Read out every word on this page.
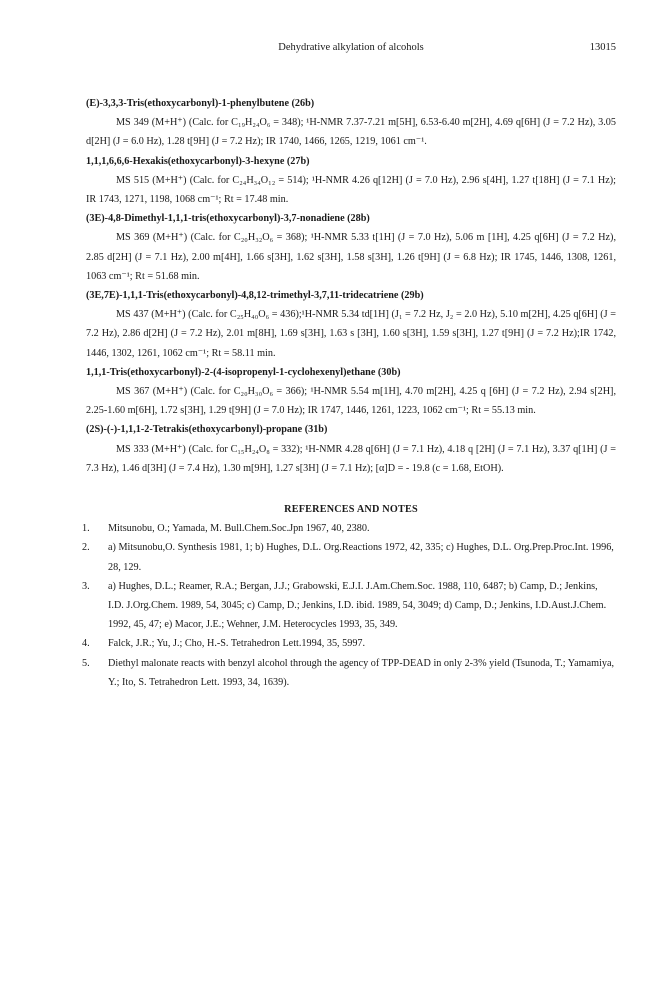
Dehydrative alkylation of alcohols	13015
(E)-3,3,3-Tris(ethoxycarbonyl)-1-phenylbutene (26b)
MS 349 (M+H⁺) (Calc. for C₁₉H₂₄O₆ = 348); ¹H-NMR 7.37-7.21 m[5H], 6.53-6.40 m[2H], 4.69 q[6H] (J = 7.2 Hz), 3.05 d[2H] (J = 6.0 Hz), 1.28 t[9H] (J = 7.2 Hz); IR 1740, 1466, 1265, 1219, 1061 cm⁻¹.
1,1,1,6,6,6-Hexakis(ethoxycarbonyl)-3-hexyne (27b)
MS 515 (M+H⁺) (Calc. for C₂₄H₃₄O₁₂ = 514); ¹H-NMR 4.26 q[12H] (J = 7.0 Hz), 2.96 s[4H], 1.27 t[18H] (J = 7.1 Hz); IR 1743, 1271, 1198, 1068 cm⁻¹; Rt = 17.48 min.
(3E)-4,8-Dimethyl-1,1,1-tris(ethoxycarbonyl)-3,7-nonadiene (28b)
MS 369 (M+H⁺) (Calc. for C₂₀H₃₂O₆ = 368); ¹H-NMR 5.33 t[1H] (J = 7.0 Hz), 5.06 m [1H], 4.25 q[6H] (J = 7.2 Hz), 2.85 d[2H] (J = 7.1 Hz), 2.00 m[4H], 1.66 s[3H], 1.62 s[3H], 1.58 s[3H], 1.26 t[9H] (J = 6.8 Hz); IR 1745, 1446, 1308, 1261, 1063 cm⁻¹; Rt = 51.68 min.
(3E,7E)-1,1,1-Tris(ethoxycarbonyl)-4,8,12-trimethyl-3,7,11-tridecatriene (29b)
MS 437 (M+H⁺) (Calc. for C₂₅H₄₀O₆ = 436);¹H-NMR 5.34 td[1H] (J₁ = 7.2 Hz, J₂ = 2.0 Hz), 5.10 m[2H], 4.25 q[6H] (J = 7.2 Hz), 2.86 d[2H] (J = 7.2 Hz), 2.01 m[8H], 1.69 s[3H], 1.63 s [3H], 1.60 s[3H], 1.59 s[3H], 1.27 t[9H] (J = 7.2 Hz);IR 1742, 1446, 1302, 1261, 1062 cm⁻¹; Rt = 58.11 min.
1,1,1-Tris(ethoxycarbonyl)-2-(4-isopropenyl-1-cyclohexenyl)ethane (30b)
MS 367 (M+H⁺) (Calc. for C₂₀H₃₀O₆ = 366); ¹H-NMR 5.54 m[1H], 4.70 m[2H], 4.25 q [6H] (J = 7.2 Hz), 2.94 s[2H], 2.25-1.60 m[6H], 1.72 s[3H], 1.29 t[9H] (J = 7.0 Hz); IR 1747, 1446, 1261, 1223, 1062 cm⁻¹; Rt = 55.13 min.
(2S)-(-)-1,1,1-2-Tetrakis(ethoxycarbonyl)-propane (31b)
MS 333 (M+H⁺) (Calc. for C₁₅H₂₄O₈ = 332); ¹H-NMR 4.28 q[6H] (J = 7.1 Hz), 4.18 q [2H] (J = 7.1 Hz), 3.37 q[1H] (J = 7.3 Hz), 1.46 d[3H] (J = 7.4 Hz), 1.30 m[9H], 1.27 s[3H] (J = 7.1 Hz); [α]D = - 19.8 (c = 1.68, EtOH).
REFERENCES AND NOTES
1. Mitsunobu, O.; Yamada, M. Bull.Chem.Soc.Jpn 1967, 40, 2380.
2. a) Mitsunobu,O. Synthesis 1981, 1; b) Hughes, D.L. Org.Reactions 1972, 42, 335; c) Hughes, D.L. Org.Prep.Proc.Int. 1996, 28, 129.
3. a) Hughes, D.L.; Reamer, R.A.; Bergan, J.J.; Grabowski, E.J.I. J.Am.Chem.Soc. 1988, 110, 6487; b) Camp, D.; Jenkins, I.D. J.Org.Chem. 1989, 54, 3045; c) Camp, D.; Jenkins, I.D. ibid. 1989, 54, 3049; d) Camp, D.; Jenkins, I.D.Aust.J.Chem. 1992, 45, 47; e) Macor, J.E.; Wehner, J.M. Heterocycles 1993, 35, 349.
4. Falck, J.R.; Yu, J.; Cho, H.-S. Tetrahedron Lett.1994, 35, 5997.
5. Diethyl malonate reacts with benzyl alcohol through the agency of TPP-DEAD in only 2-3% yield (Tsunoda, T.; Yamamiya, Y.; Ito, S. Tetrahedron Lett. 1993, 34, 1639).
